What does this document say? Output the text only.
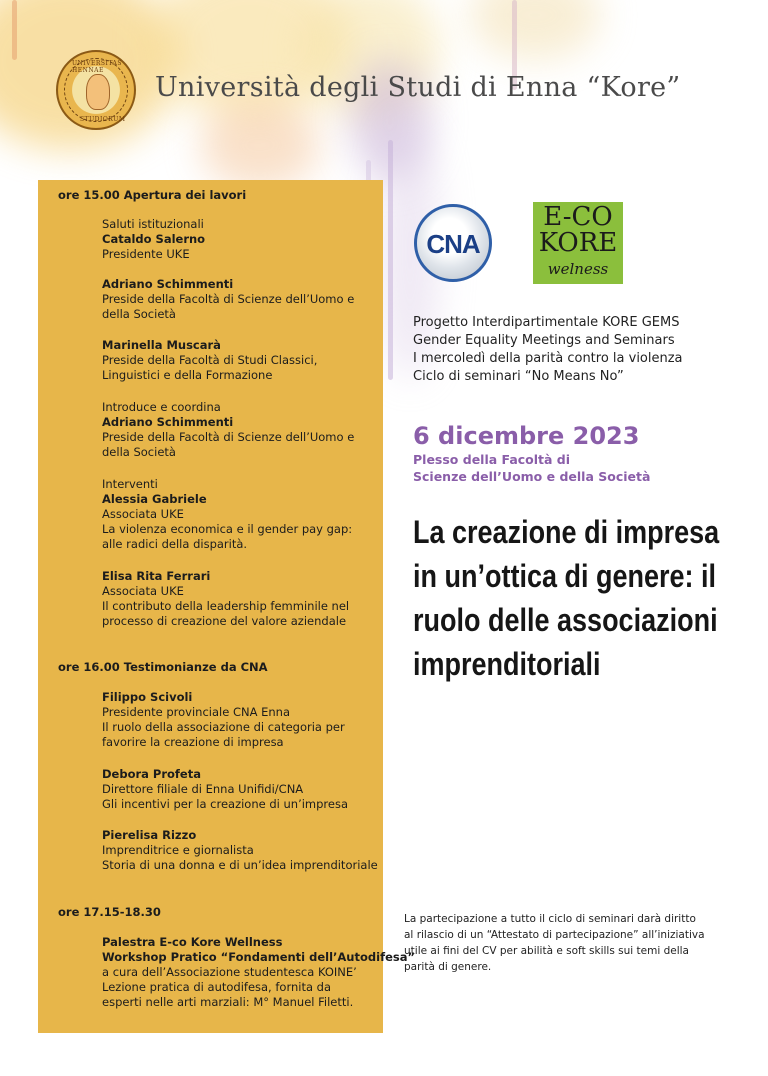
UNIVERSITAS HENNAE
STUDIORUM
Università degli Studi di Enna “Kore”
ore 15.00 Apertura dei lavori
Saluti istituzionali
Cataldo Salerno
Presidente UKE
Adriano Schimmenti
Preside della Facoltà di Scienze dell’Uomo e
della Società
Marinella Muscarà
Preside della Facoltà di Studi Classici,
Linguistici e della Formazione
Introduce e coordina
Adriano Schimmenti
Preside della Facoltà di Scienze dell’Uomo e
della Società
Interventi
Alessia Gabriele
Associata UKE
La violenza economica e il gender pay gap:
alle radici della disparità.
Elisa Rita Ferrari
Associata UKE
Il contributo della leadership femminile nel
processo di creazione del valore aziendale
ore 16.00 Testimonianze da CNA
Filippo Scivoli
Presidente provinciale CNA Enna
Il ruolo della associazione di categoria per
favorire la creazione di impresa
Debora Profeta
Direttore filiale di Enna Unifidi/CNA
Gli incentivi per la creazione di un’impresa
Pierelisa Rizzo
Imprenditrice e giornalista
Storia di una donna e di un’idea imprenditoriale
ore 17.15-18.30
Palestra E-co Kore Wellness
Workshop Pratico “Fondamenti dell’Autodifesa”
a cura dell’Associazione studentesca KOINE’
Lezione pratica di autodifesa, fornita da
esperti nelle arti marziali: M° Manuel Filetti.
CNA
E-CO
KORE
welness
Progetto Interdipartimentale KORE GEMS
Gender Equality Meetings and Seminars
I mercoledì della parità contro la violenza
Ciclo di seminari “No Means No”
6 dicembre 2023
Plesso della Facoltà di
Scienze dell’Uomo e della Società
La creazione di impresa
in un’ottica di genere: il
ruolo delle associazioni
imprenditoriali
La partecipazione a tutto il ciclo di seminari darà diritto
al rilascio di un “Attestato di partecipazione” all’iniziativa
utile ai fini del CV per abilità e soft skills sui temi della
parità di genere.
